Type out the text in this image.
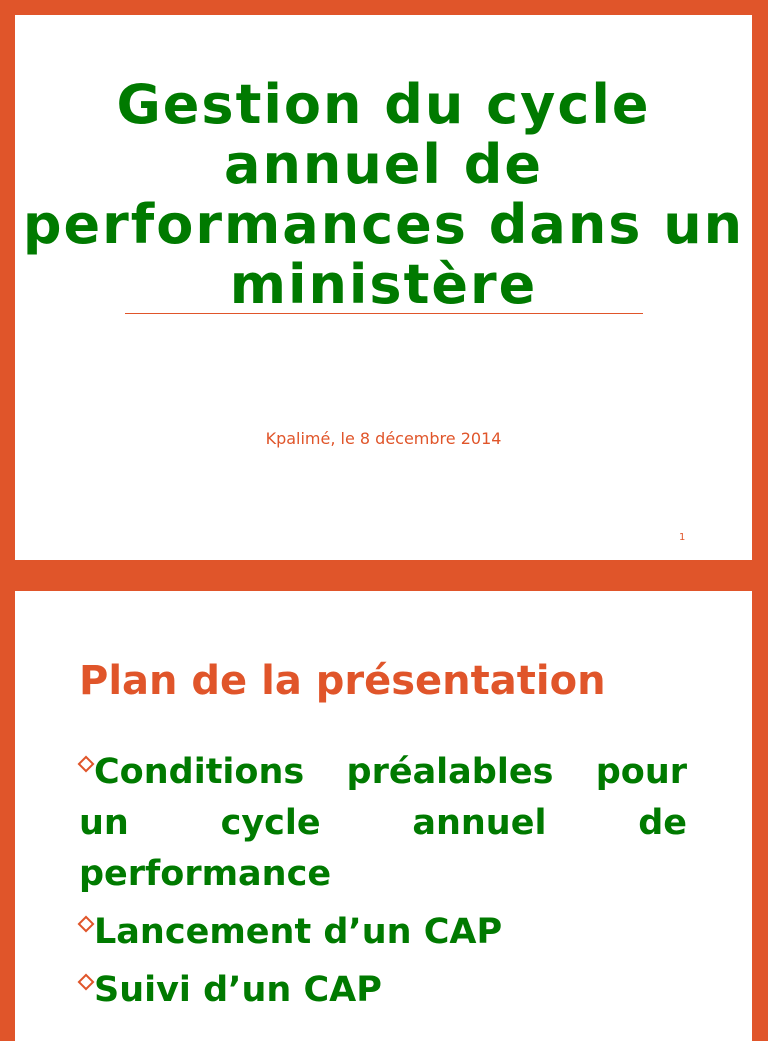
Gestion du cycle annuel de performances dans un ministère
Kpalimé, le 8 décembre 2014
1
Plan de la présentation
Conditions préalables pour un cycle annuel de performance
Lancement d’un CAP
Suivi d’un CAP
